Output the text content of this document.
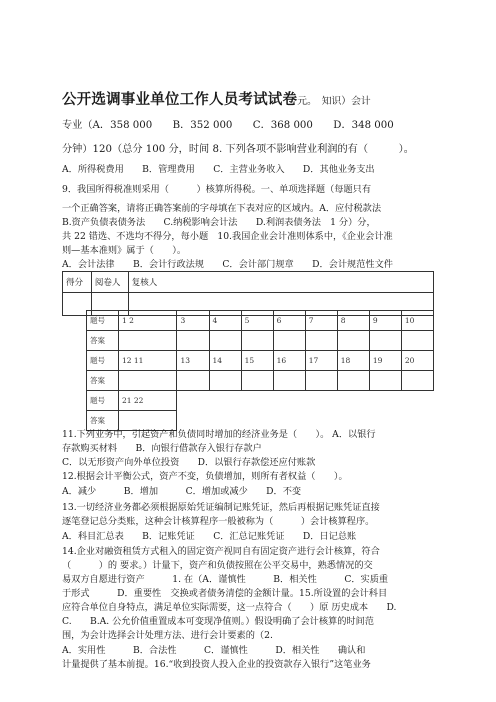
公开选调事业单位工作人员考试试卷元。　知识）会计
专业（A．358 000　　B．352 000　　C．368 000　　D．348 000
分钟）120（总分 100 分，时间 8. 下列各项不影响营业利润的有（　　　）。
A．所得税费用　　B．管理费用　　C．主营业务收入　　D．其他业务支出
9．我国所得税准则采用（　　　）核算所得税。一、单项选择题（每题只有
一个正确答案，请将正确答案前的字母填在下表对应的区域内。A．应付税款法
B.资产负债表债务法　　C.纳税影响会计法　　D.利润表债务法　1 分）分，
共 22 错选、不选均不得分，每小题　10.我国企业会计准则体系中，《企业会计准
则—基本准则》属于（　　）。
A．会计法律　　B．会计行政法规　　C．会计部门规章　　D．会计规范性文件
得分	阅卷人	复核人

题号	1 2	3	4	5	6	7	8	9	10
答案									
题号	12 11	13	14	15	16	17	18	19	20
答案									
题号	21 22								
答案									
11.下列业务中，引起资产和负债同时增加的经济业务是（　　）。 A．以银行
存款购买材料　　B．向银行借款存入银行存款户
C．以无形资产向外单位投资　　D．以银行存款偿还应付账款
12.根据会计平衡公式，资产不变，负债增加，则所有者权益（　　）。
A．减少　　　B．增加　　　C．增加或减少　　D．不变
13.一切经济业务都必须根据原始凭证编制记账凭证，然后再根据记账凭证直接
逐笔登记总分类账，这种会计核算程序一般被称为（　　　）会计核算程序。
A．科目汇总表　　B．记账凭证　　C．汇总记账凭证　　D．日记总账
14.企业对融资租赁方式租入的固定资产视同自有固定资产进行会计核算，符合
（　　　）的 要求。）计量下，资产和负债按照在公平交易中，熟悉情况的交
易双方自愿进行资产　　　1. 在（A．谨慎性　　　B．相关性　　　C．实质重
于形式　　　D．重要性　交换或者债务清偿的金额计量。15.所设置的会计科目
应符合单位自身特点，满足单位实际需要，这一点符合（　　）原 历史成本　　D.
C.　　B.A. 公允价值重置成本可变现净值则。）假设明确了会计核算的时间范
围，为会计选择会计处理方法、进行会计要素的（2.
A．实用性　　　B．合法性　　　C．谨慎性　　　D．相关性　　确认和
计量提供了基本前提。16.“收到投资人投入企业的投资款存入银行”这笔业务
